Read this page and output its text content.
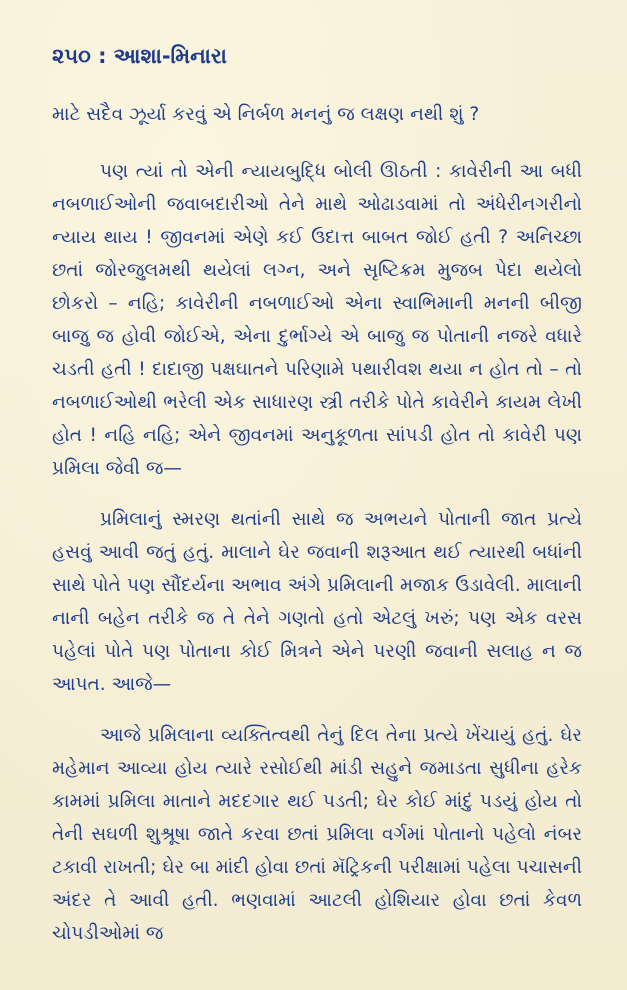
૨૫૦ : આશા-મિનારા

માટે સદૈવ ઝૂર્યા કરવું એ નિર્બળ મનનું જ લક્ષણ નથી શું ?

પણ ત્યાં તો એની ન્યાયબુદ્ધિ બોલી ઊઠતી : કાવેરીની આ બધી નબળાઈઓની જવાબદારીઓ તેને માથે ઓઢાડવામાં તો અંધેરીનગરીનો ન્યાય થાય ! જીવનમાં એણે કઈ ઉદાત્ત બાબત જોઈ હતી ? અનિચ્છા છતાં જોરજુલમથી થયેલાં લગ્ન, અને સૃષ્ટિક્રમ મુજબ પેદા થયેલો છોકરો – નહિ; કાવેરીની નબળાઈઓ એના સ્વાભિમાની મનની બીજી બાજુ જ હોવી જોઈએ, એના દુર્ભાગ્યે એ બાજુ જ પોતાની નજરે વધારે ચડતી હતી ! દાદાજી પક્ષઘાતને પરિણામે પથારીવશ થયા ન હોત તો – તો નબળાઈઓથી ભરેલી એક સાધારણ સ્ત્રી તરીકે પોતે કાવેરીને કાયમ લેખી હોત ! નહિ નહિ; એને જીવનમાં અનુકૂળતા સાંપડી હોત તો કાવેરી પણ પ્રમિલા જેવી જ—

પ્રમિલાનું સ્મરણ થતાંની સાથે જ અભયને પોતાની જાત પ્રત્યે હસવું આવી જતું હતું. માલાને ઘેર જવાની શરૂઆત થઈ ત્યારથી બધાંની સાથે પોતે પણ સૌંદર્યના અભાવ અંગે પ્રમિલાની મજાક ઉડાવેલી. માલાની નાની બહેન તરીકે જ તે તેને ગણતો હતો એટલું ખરું; પણ એક વરસ પહેલાં પોતે પણ પોતાના કોઈ મિત્રને એને પરણી જવાની સલાહ ન જ આપત. આજે—

આજે પ્રમિલાના વ્યક્તિત્વથી તેનું દિલ તેના પ્રત્યે ખેંચાયું હતું. ઘેર મહેમાન આવ્યા હોય ત્યારે રસોઈથી માંડી સહુને જમાડતા સુધીના હરેક કામમાં પ્રમિલા માતાને મદદગાર થઈ પડતી; ઘેર કોઈ માંદું પડયું હોય તો તેની સઘળી શુશ્રૂષા જાતે કરવા છતાં પ્રમિલા વર્ગમાં પોતાનો પહેલો નંબર ટકાવી રાખતી; ઘેર બા માંદી હોવા છતાં મૅટ્રિકની પરીક્ષામાં પહેલા પચાસની અંદર તે આવી હતી. ભણવામાં આટલી હોશિયાર હોવા છતાં કેવળ ચોપડીઓમાં જ
